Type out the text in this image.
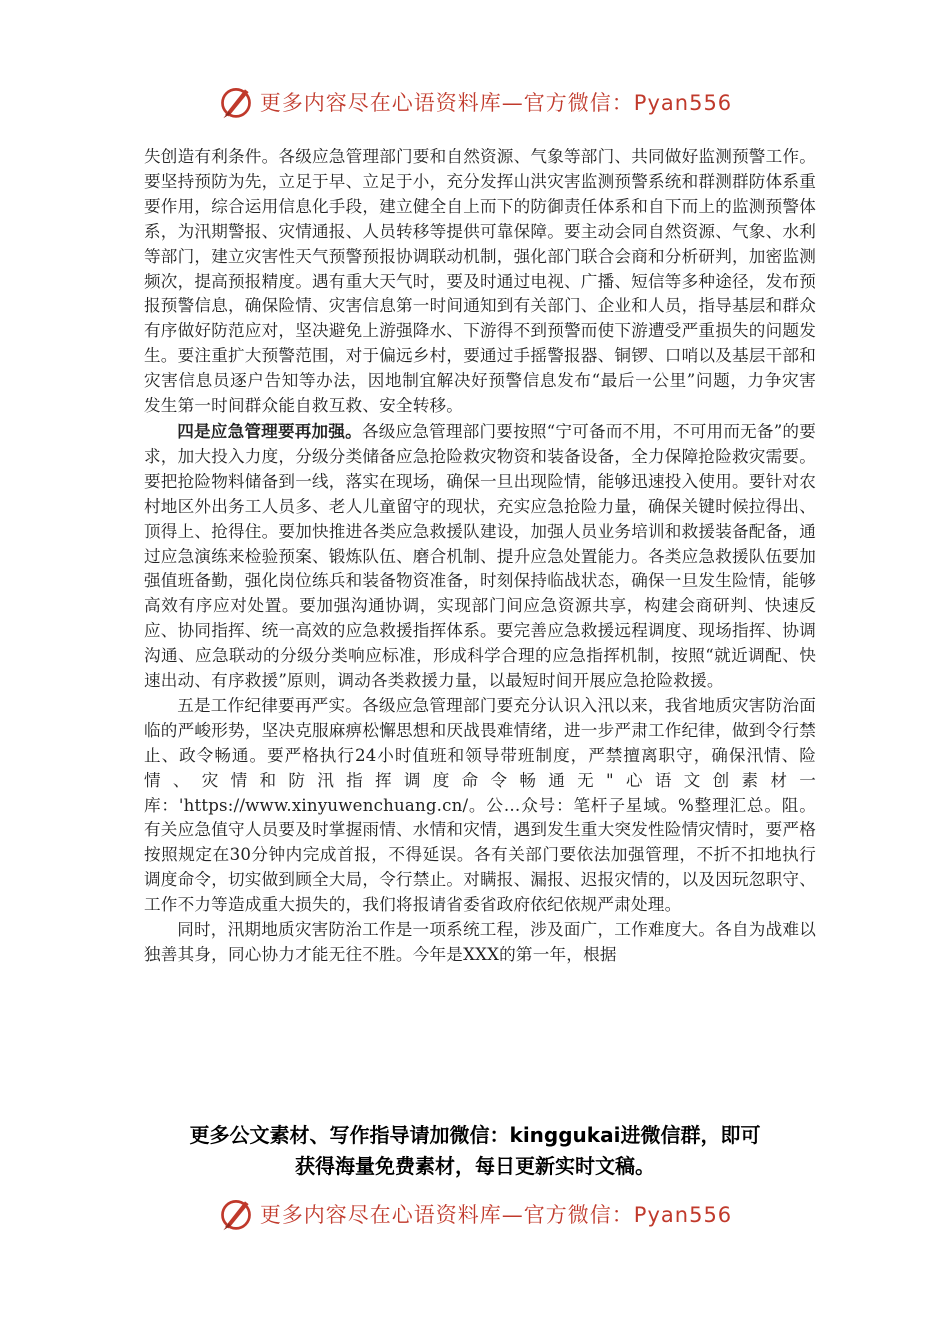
更多内容尽在心语资料库—官方微信：Pyan556

失创造有利条件。各级应急管理部门要和自然资源、气象等部门、共同做好监测预警工作。要坚持预防为先，立足于早、立足于小，充分发挥山洪灾害监测预警系统和群测群防体系重要作用，综合运用信息化手段，建立健全自上而下的防御责任体系和自下而上的监测预警体系，为汛期警报、灾情通报、人员转移等提供可靠保障。要主动会同自然资源、气象、水利等部门，建立灾害性天气预警预报协调联动机制，强化部门联合会商和分析研判，加密监测频次，提高预报精度。遇有重大天气时，要及时通过电视、广播、短信等多种途径，发布预报预警信息，确保险情、灾害信息第一时间通知到有关部门、企业和人员，指导基层和群众有序做好防范应对，坚决避免上游强降水、下游得不到预警而使下游遭受严重损失的问题发生。要注重扩大预警范围，对于偏远乡村，要通过手摇警报器、铜锣、口哨以及基层干部和灾害信息员逐户告知等办法，因地制宜解决好预警信息发布“最后一公里”问题，力争灾害发生第一时间群众能自救互救、安全转移。

四是应急管理要再加强。各级应急管理部门要按照“宁可备而不用，不可用而无备”的要求，加大投入力度，分级分类储备应急抢险救灾物资和装备设备，全力保障抢险救灾需要。要把抢险物料储备到一线，落实在现场，确保一旦出现险情，能够迅速投入使用。要针对农村地区外出务工人员多、老人儿童留守的现状，充实应急抢险力量，确保关键时候拉得出、顶得上、抢得住。要加快推进各类应急救援队建设，加强人员业务培训和救援装备配备，通过应急演练来检验预案、锻炼队伍、磨合机制、提升应急处置能力。各类应急救援队伍要加强值班备勤，强化岗位练兵和装备物资准备，时刻保持临战状态，确保一旦发生险情，能够高效有序应对处置。要加强沟通协调，实现部门间应急资源共享，构建会商研判、快速反应、协同指挥、统一高效的应急救援指挥体系。要完善应急救援远程调度、现场指挥、协调沟通、应急联动的分级分类响应标准，形成科学合理的应急指挥机制，按照“就近调配、快速出动、有序救援”原则，调动各类救援力量，以最短时间开展应急抢险救援。

五是工作纪律要再严实。各级应急管理部门要充分认识入汛以来，我省地质灾害防治面临的严峻形势，坚决克服麻痹松懈思想和厌战畏难情绪，进一步严肃工作纪律，做到令行禁止、政令畅通。要严格执行24小时值班和领导带班制度，严禁擅离职守，确保汛情、险情、灾情和防汛指挥调度命令畅通无"心语文创素材一库：'https://www.xinyuwenchuang.cn/。公…众号：笔杆子星域。%整理汇总。阻。有关应急值守人员要及时掌握雨情、水情和灾情，遇到发生重大突发性险情灾情时，要严格按照规定在30分钟内完成首报，不得延误。各有关部门要依法加强管理，不折不扣地执行调度命令，切实做到顾全大局，令行禁止。对瞒报、漏报、迟报灾情的，以及因玩忽职守、工作不力等造成重大损失的，我们将报请省委省政府依纪依规严肃处理。

同时，汛期地质灾害防治工作是一项系统工程，涉及面广，工作难度大。各自为战难以独善其身，同心协力才能无往不胜。今年是XXX的第一年，根据

更多公文素材、写作指导请加微信：kinggukai进微信群，即可
获得海量免费素材，每日更新实时文稿。
更多内容尽在心语资料库—官方微信：Pyan556
